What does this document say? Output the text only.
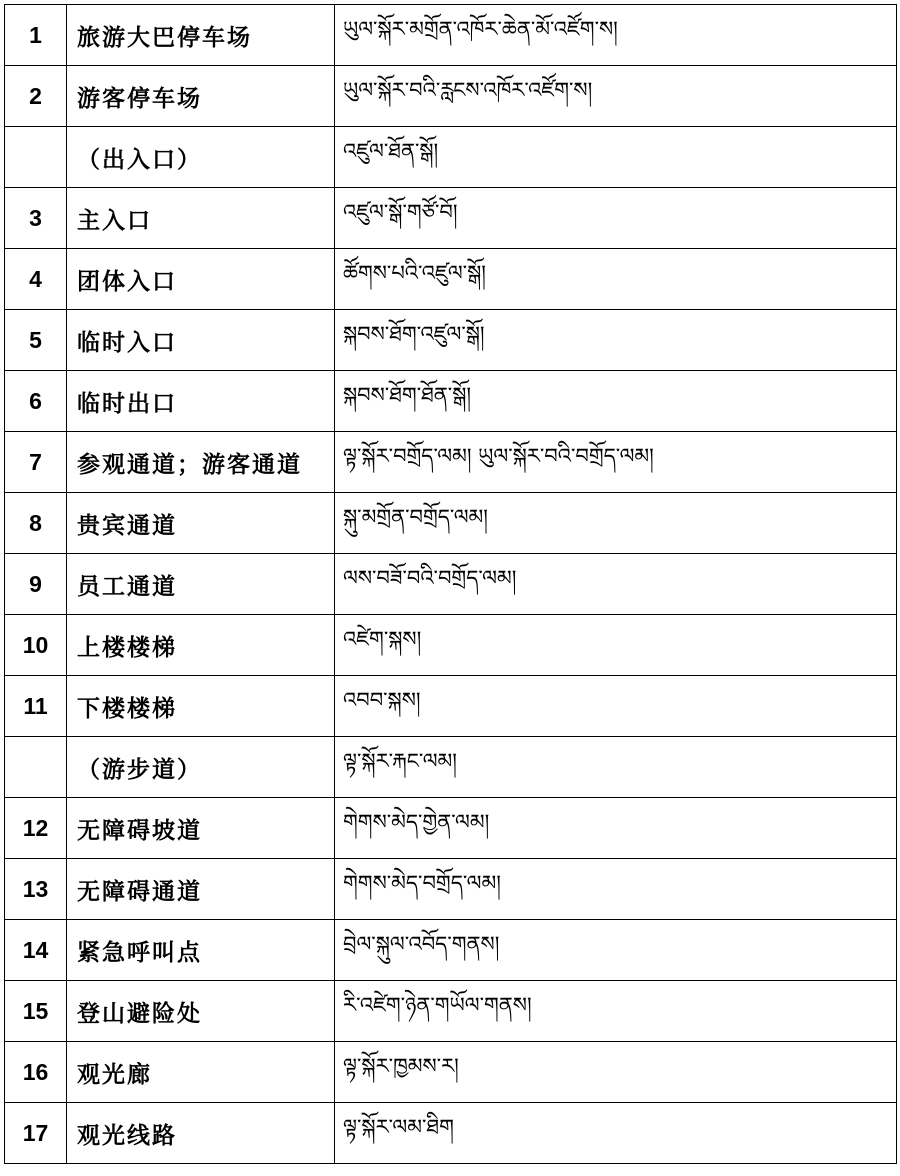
1	旅游大巴停车场	ཡུལ་སྐོར་མགྲོན་འཁོར་ཆེན་མོ་འཛོག་ས།
2	游客停车场	ཡུལ་སྐོར་བའི་རླངས་འཁོར་འཛོག་ས།
	（出入口）	འཛུལ་ཐོན་སྒོ།
3	主入口	འཛུལ་སྒོ་གཙོ་བོ།
4	团体入口	ཚོགས་པའི་འཛུལ་སྒོ།
5	临时入口	སྐབས་ཐོག་འཛུལ་སྒོ།
6	临时出口	སྐབས་ཐོག་ཐོན་སྒོ།
7	参观通道；游客通道	ལྟ་སྐོར་བགྲོད་ལམ། ཡུལ་སྐོར་བའི་བགྲོད་ལམ།
8	贵宾通道	སྐུ་མགྲོན་བགྲོད་ལམ།
9	员工通道	ལས་བཟོ་བའི་བགྲོད་ལམ།
10	上楼楼梯	འཛེག་སྐས།
11	下楼楼梯	འབབ་སྐས།
	（游步道）	ལྟ་སྐོར་རྐང་ལམ།
12	无障碍坡道	གེགས་མེད་གྱེན་ལམ།
13	无障碍通道	གེགས་མེད་བགྲོད་ལམ།
14	紧急呼叫点	བྲེལ་སྐུལ་འབོད་གནས།
15	登山避险处	རི་འཛེག་ཉེན་གཡོལ་གནས།
16	观光廊	ལྟ་སྐོར་ཁྱམས་ར།
17	观光线路	ལྟ་སྐོར་ལམ་ཐིག
